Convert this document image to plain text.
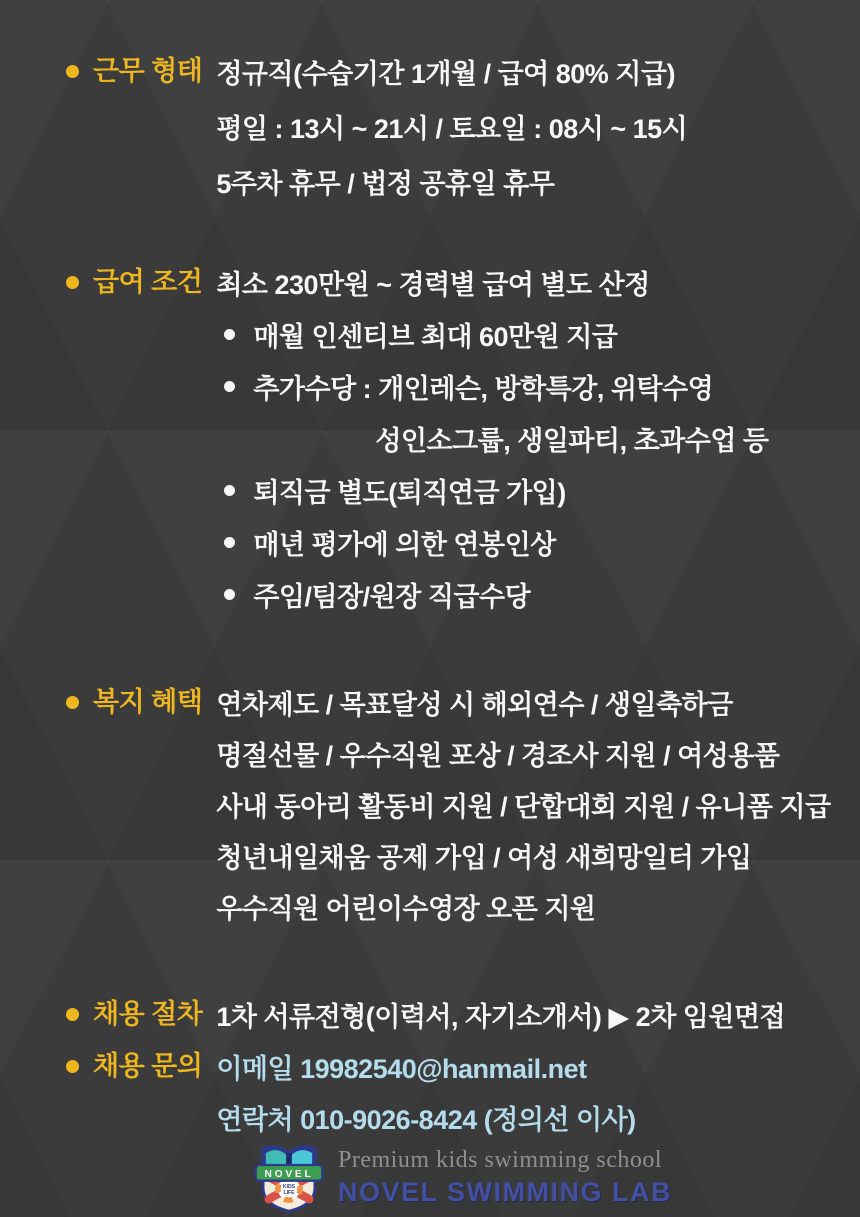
근무 형태 정규직(수습기간 1개월 / 급여 80% 지급)
평일 : 13시 ~ 21시 / 토요일 : 08시 ~ 15시
5주차 휴무 / 법정 공휴일 휴무
급여 조건 최소 230만원 ~ 경력별 급여 별도 산정
매월 인센티브 최대 60만원 지급
추가수당 : 개인레슨, 방학특강, 위탁수영
성인소그룹, 생일파티, 초과수업 등
퇴직금 별도(퇴직연금 가입)
매년 평가에 의한 연봉인상
주임/팀장/원장 직급수당
복지 혜택 연차제도 / 목표달성 시 해외연수 / 생일축하금
명절선물 / 우수직원 포상 / 경조사 지원 / 여성용품
사내 동아리 활동비 지원 / 단합대회 지원 / 유니폼 지급
청년내일채움 공제 가입 / 여성 새희망일터 가입
우수직원 어린이수영장 오픈 지원
채용 절차 1차 서류전형(이력서, 자기소개서) ▶ 2차 임원면접
채용 문의 이메일 19982540@hanmail.net
연락처 010-9026-8424 (정의선 이사)
NOVEL
KIDS
LIFE
Premium kids swimming school
NOVEL SWIMMING LAB
